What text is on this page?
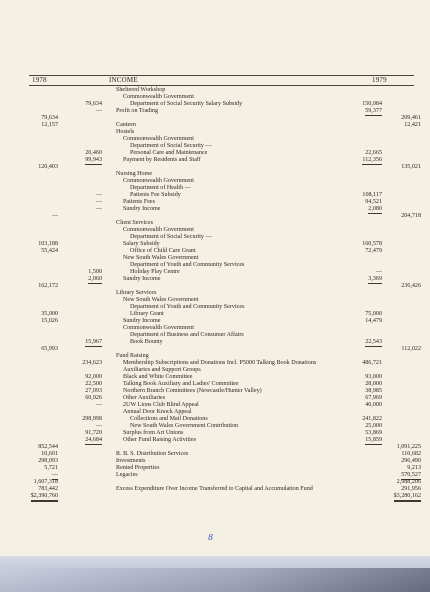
1978	INCOME	1979
Sheltered Workshop
Commonwealth Government
Department of Social Security Salary Subsidy
79,634	150,084
Profit on Trading
—	59,377
79,634	209,461
Canteen
12,157	12,421
Hostels
Commonwealth Government
Department of Social Security —
Personal Care and Maintenance
20,460	22,665
Payment by Residents and Staff
99,943	112,356
120,403	135,021
Nursing Home
Commonwealth Government
Department of Health —
Patients Fee Subsidy
—	108,117
Patients Fees
—	94,521
Sundry Income
—	2,080
—	204,718
Client Services
Commonwealth Government
Department of Social Security —
Salary Subsidy
103,188	160,578
Office of Child Care Grant
55,424	72,479
New South Wales Government
Department of Youth and Community Services
Holiday Play Centre
1,500	—
Sundry Income
2,060	3,369
162,172	236,426
Library Services
New South Wales Government
Department of Youth and Community Services
Library Grant
35,000	75,000
Sundry Income
15,026	14,479
Commonwealth Government
Department of Business and Consumer Affairs
Book Bounty
15,967	22,543
65,993	112,022
Fund Raising
Membership Subscriptions and Donations Incl. P5000 Talking Book Donations
234,623	486,721
Auxiliaries and Support Groups
Black and White Committee
92,000	93,000
Talking Book Auxiliary and Ladies' Committee
22,500	28,000
Northern Branch Committees (Newcastle/Hunter Valley)
27,093	38,985
Other Auxiliaries
60,926	67,969
2UW Lions Club Blind Appeal
—	40,000
Annual Door Knock Appeal
Collections and Mail Donations
298,998	241,822
New South Wales Government Contribution
—	25,000
Surplus from Art Unions
91,720	53,869
Other Fund Raising Activities
24,684	15,859
852,544	1,091,225
R. B. S. Distribution Services
10,601	110,682
Investments
298,093	296,490
Rented Properties
5,721	9,213
Legacies
—	570,527
1,607,318	2,988,206
Excess Expenditure Over Income Transferred to Capital and Accumulation Fund
783,442	291,956
$2,390,760	$3,280,162
8
